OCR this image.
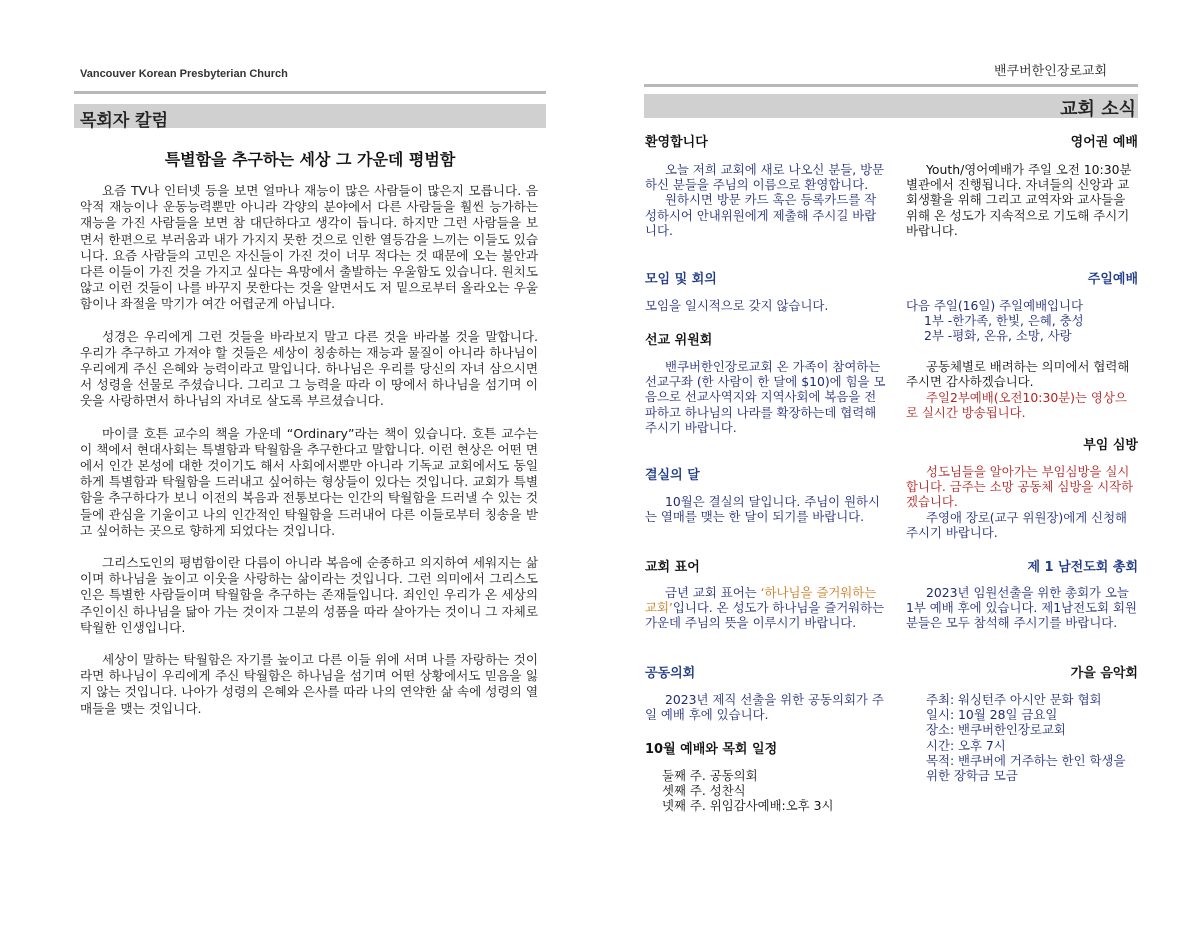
Vancouver Korean Presbyterian Church	밴쿠버한인장로교회
목회자 칼럼
특별함을 추구하는 세상 그 가운데 평범함

요즘 TV나 인터넷 등을 보면 얼마나 재능이 많은 사람들이 많은지 모릅니다. 음악적 재능이나 운동능력뿐만 아니라 각양의 분야에서 다른 사람들을 훨씬 능가하는 재능을 가진 사람들을 보면 참 대단하다고 생각이 듭니다. 하지만 그런 사람들을 보면서 한편으로 부러움과 내가 가지지 못한 것으로 인한 열등감을 느끼는 이들도 있습니다. 요즘 사람들의 고민은 자신들이 가진 것이 너무 적다는 것 때문에 오는 불안과 다른 이들이 가진 것을 가지고 싶다는 욕망에서 출발하는 우울함도 있습니다. 원치도 않고 이런 것들이 나를 바꾸지 못한다는 것을 알면서도 저 밑으로부터 올라오는 우울함이나 좌절을 막기가 여간 어렵군게 아닙니다.

성경은 우리에게 그런 것들을 바라보지 말고 다른 것을 바라볼 것을 말합니다. 우리가 추구하고 가져야 할 것들은 세상이 칭송하는 재능과 물질이 아니라 하나님이 우리에게 주신 은혜와 능력이라고 말입니다. 하나님은 우리를 당신의 자녀 삼으시면서 성령을 선물로 주셨습니다. 그리고 그 능력을 따라 이 땅에서 하나님을 섬기며 이웃을 사랑하면서 하나님의 자녀로 살도록 부르셨습니다.

마이클 호튼 교수의 책을 가운데 “Ordinary”라는 책이 있습니다. 호튼 교수는 이 책에서 현대사회는 특별함과 탁월함을 추구한다고 말합니다. 이런 현상은 어떤 면에서 인간 본성에 대한 것이기도 해서 사회에서뿐만 아니라 기독교 교회에서도 동일하게 특별함과 탁월함을 드러내고 싶어하는 형상들이 있다는 것입니다. 교회가 특별함을 추구하다가 보니 이전의 복음과 전통보다는 인간의 탁월함을 드러낼 수 있는 것들에 관심을 기울이고 나의 인간적인 탁월함을 드러내어 다른 이들로부터 칭송을 받고 싶어하는 곳으로 향하게 되었다는 것입니다.

그리스도인의 평범함이란 다름이 아니라 복음에 순종하고 의지하여 세워지는 삶이며 하나님을 높이고 이웃을 사랑하는 삶이라는 것입니다. 그런 의미에서 그리스도인은 특별한 사람들이며 탁월함을 추구하는 존재들입니다. 죄인인 우리가 온 세상의 주인이신 하나님을 닮아 가는 것이자 그분의 성품을 따라 살아가는 것이니 그 자체로 탁월한 인생입니다.

세상이 말하는 탁월함은 자기를 높이고 다른 이들 위에 서며 나를 자랑하는 것이라면 하나님이 우리에게 주신 탁월함은 하나님을 섬기며 어떤 상황에서도 믿음을 잃지 않는 것입니다. 나아가 성령의 은혜와 은사를 따라 나의 연약한 삶 속에 성령의 열매들을 맺는 것입니다.

교회 소식
환영합니다
오늘 저희 교회에 새로 나오신 분들, 방문하신 분들을 주님의 이름으로 환영합니다.
원하시면 방문 카드 혹은 등록카드를 작성하시어 안내위원에게 제출해 주시길 바랍니다.
모임 및 회의
모임을 일시적으로 갖지 않습니다.
선교 위원회
밴쿠버한인장로교회 온 가족이 참여하는 선교구좌 (한 사람이 한 달에 $10)에 힘을 모음으로 선교사역지와 지역사회에 복음을 전파하고 하나님의 나라를 확장하는데 협력해 주시기 바랍니다.
결실의 달
10월은 결실의 달입니다. 주님이 원하시는 열매를 맺는 한 달이 되기를 바랍니다.
교회 표어
금년 교회 표어는 ‘하나님을 즐거워하는 교회’입니다. 온 성도가 하나님을 즐거워하는 가운데 주님의 뜻을 이루시기 바랍니다.
공동의회
2023년 제직 선출을 위한 공동의회가 주일 예배 후에 있습니다.
10월 예배와 목회 일정
둘째 주. 공동의회
셋째 주. 성찬식
넷째 주. 위임감사예배:오후 3시
영어권 예배
Youth/영어예배가 주일 오전 10:30분 별관에서 진행됩니다. 자녀들의 신앙과 교회생활을 위해 그리고 교역자와 교사들을 위해 온 성도가 지속적으로 기도해 주시기 바랍니다.
주일예배
다음 주일(16일) 주일예배입니다
1부 -한가족, 한빛, 은혜, 충성
2부 -평화, 온유, 소망, 사랑
공동체별로 배려하는 의미에서 협력해 주시면 감사하겠습니다.
주일2부예배(오전10:30분)는 영상으로 실시간 방송됩니다.
부임 심방
성도님들을 알아가는 부임심방을 실시합니다. 금주는 소망 공동체 심방을 시작하겠습니다.
주영애 장로(교구 위원장)에게 신청해 주시기 바랍니다.
제 1 남전도회 총회
2023년 임원선출을 위한 총회가 오늘 1부 예배 후에 있습니다. 제1남전도회 회원분들은 모두 참석해 주시기를 바랍니다.
가을 음악회
주최: 워싱턴주 아시안 문화 협회
일시: 10월 28일 금요일
장소: 밴쿠버한인장로교회
시간: 오후 7시
목적: 밴쿠버에 거주하는 한인 학생을 위한 장학금 모금
